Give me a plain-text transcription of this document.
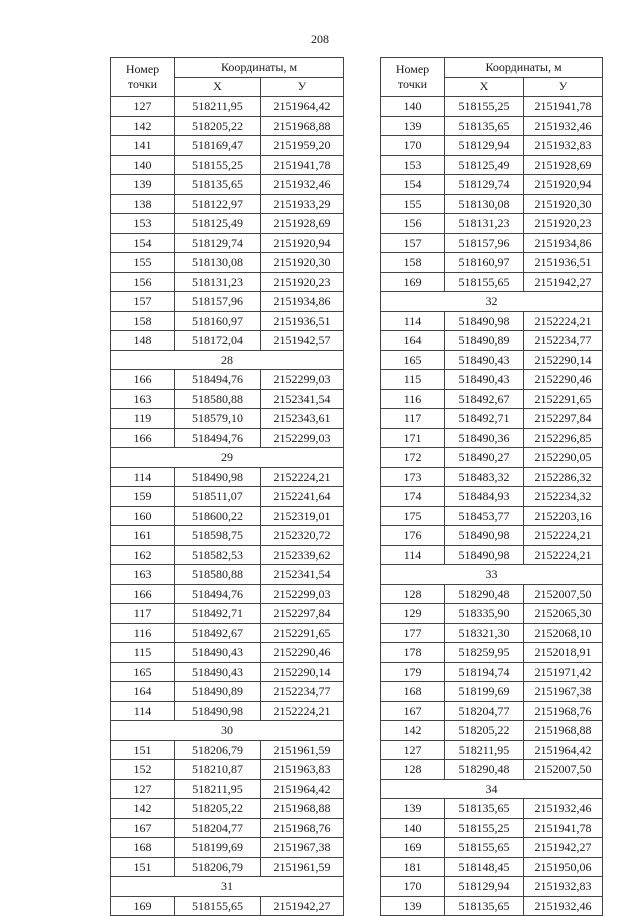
208
Номер точки	Координаты, м	
	X	У
127	518211,95	2151964,42
142	518205,22	2151968,88
141	518169,47	2151959,20
140	518155,25	2151941,78
139	518135,65	2151932,46
138	518122,97	2151933,29
153	518125,49	2151928,69
154	518129,74	2151920,94
155	518130,08	2151920,30
156	518131,23	2151920,23
157	518157,96	2151934,86
158	518160,97	2151936,51
148	518172,04	2151942,57
28		
166	518494,76	2152299,03
163	518580,88	2152341,54
119	518579,10	2152343,61
166	518494,76	2152299,03
29		
114	518490,98	2152224,21
159	518511,07	2152241,64
160	518600,22	2152319,01
161	518598,75	2152320,72
162	518582,53	2152339,62
163	518580,88	2152341,54
166	518494,76	2152299,03
117	518492,71	2152297,84
116	518492,67	2152291,65
115	518490,43	2152290,46
165	518490,43	2152290,14
164	518490,89	2152234,77
114	518490,98	2152224,21
30		
151	518206,79	2151961,59
152	518210,87	2151963,83
127	518211,95	2151964,42
142	518205,22	2151968,88
167	518204,77	2151968,76
168	518199,69	2151967,38
151	518206,79	2151961,59
31		
169	518155,65	2151942,27
Номер точки	Координаты, м	
	X	У
140	518155,25	2151941,78
139	518135,65	2151932,46
170	518129,94	2151932,83
153	518125,49	2151928,69
154	518129,74	2151920,94
155	518130,08	2151920,30
156	518131,23	2151920,23
157	518157,96	2151934,86
158	518160,97	2151936,51
169	518155,65	2151942,27
32		
114	518490,98	2152224,21
164	518490,89	2152234,77
165	518490,43	2152290,14
115	518490,43	2152290,46
116	518492,67	2152291,65
117	518492,71	2152297,84
171	518490,36	2152296,85
172	518490,27	2152290,05
173	518483,32	2152286,32
174	518484,93	2152234,32
175	518453,77	2152203,16
176	518490,98	2152224,21
114	518490,98	2152224,21
33		
128	518290,48	2152007,50
129	518335,90	2152065,30
177	518321,30	2152068,10
178	518259,95	2152018,91
179	518194,74	2151971,42
168	518199,69	2151967,38
167	518204,77	2151968,76
142	518205,22	2151968,88
127	518211,95	2151964,42
128	518290,48	2152007,50
34		
139	518135,65	2151932,46
140	518155,25	2151941,78
169	518155,65	2151942,27
181	518148,45	2151950,06
170	518129,94	2151932,83
139	518135,65	2151932,46
